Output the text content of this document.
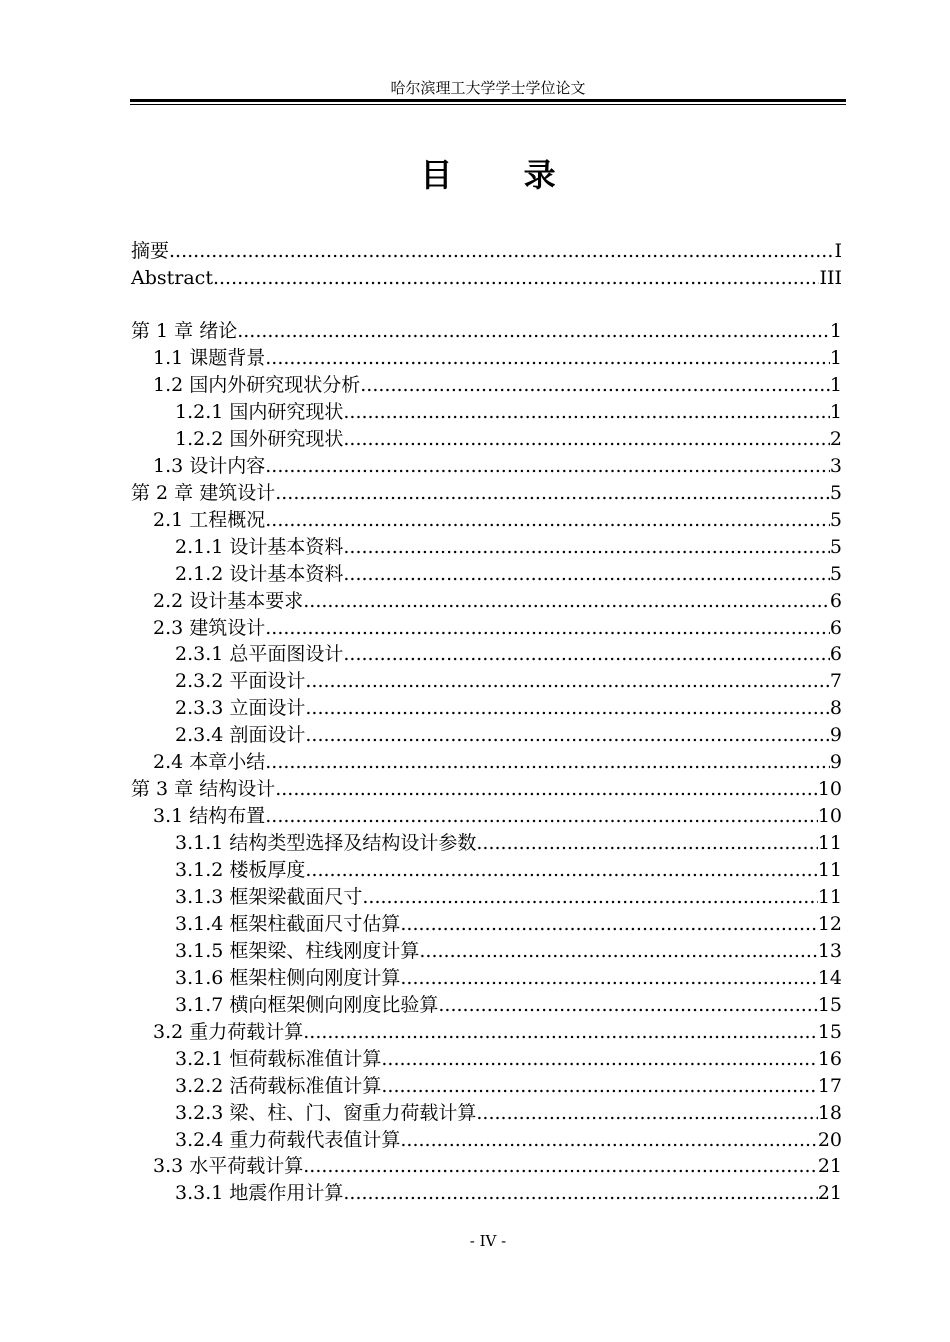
哈尔滨理工大学学士学位论文
目 录
摘要 .....	I
Abstract .....	III
第 1 章 绪论 .....	1
1.1 课题背景 .....	1
1.2 国内外研究现状分析 .....	1
1.2.1 国内研究现状 .....	1
1.2.2 国外研究现状 .....	2
1.3 设计内容 .....	3
第 2 章 建筑设计 .....	5
2.1 工程概况 .....	5
2.1.1 设计基本资料 .....	5
2.1.2 设计基本资料 .....	5
2.2 设计基本要求 .....	6
2.3 建筑设计 .....	6
2.3.1 总平面图设计 .....	6
2.3.2 平面设计 .....	7
2.3.3 立面设计 .....	8
2.3.4 剖面设计 .....	9
2.4 本章小结 .....	9
第 3 章 结构设计 .....	10
3.1 结构布置 .....	10
3.1.1 结构类型选择及结构设计参数 .....	11
3.1.2 楼板厚度 .....	11
3.1.3 框架梁截面尺寸 .....	11
3.1.4 框架柱截面尺寸估算 .....	12
3.1.5 框架梁、柱线刚度计算 .....	13
3.1.6 框架柱侧向刚度计算 .....	14
3.1.7 横向框架侧向刚度比验算 .....	15
3.2 重力荷载计算 .....	15
3.2.1 恒荷载标准值计算 .....	16
3.2.2 活荷载标准值计算 .....	17
3.2.3 梁、柱、门、窗重力荷载计算 .....	18
3.2.4 重力荷载代表值计算 .....	20
3.3 水平荷载计算 .....	21
3.3.1 地震作用计算 .....	21
- IV -
